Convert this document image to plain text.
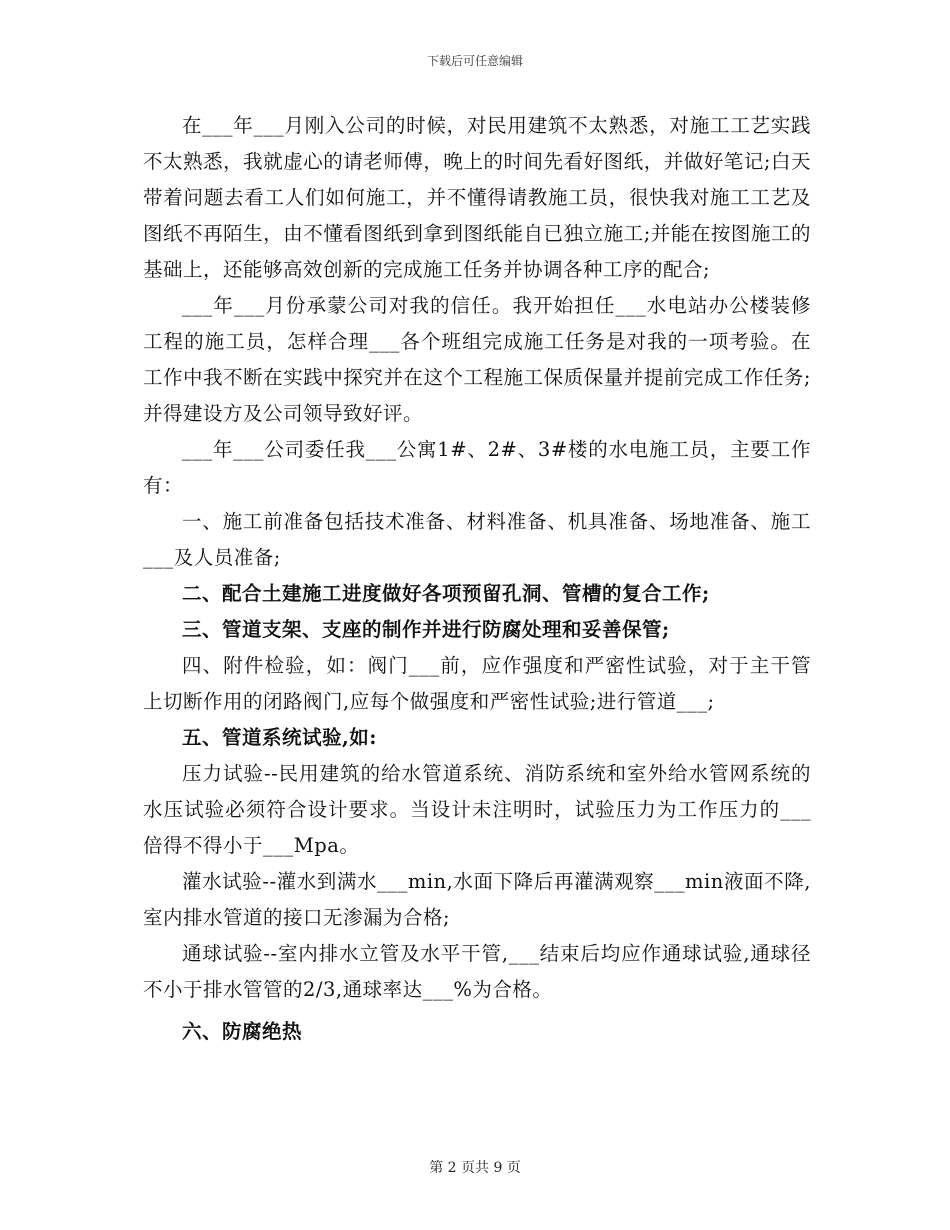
下载后可任意编辑

在___年___月刚入公司的时候，对民用建筑不太熟悉，对施工工艺实践不太熟悉，我就虚心的请老师傅，晚上的时间先看好图纸，并做好笔记;白天带着问题去看工人们如何施工，并不懂得请教施工员，很快我对施工工艺及图纸不再陌生，由不懂看图纸到拿到图纸能自已独立施工;并能在按图施工的基础上，还能够高效创新的完成施工任务并协调各种工序的配合;

___年___月份承蒙公司对我的信任。我开始担任___水电站办公楼装修工程的施工员，怎样合理___各个班组完成施工任务是对我的一项考验。在工作中我不断在实践中探究并在这个工程施工保质保量并提前完成工作任务;并得建设方及公司领导致好评。

___年___公司委任我___公寓1#、2#、3#楼的水电施工员，主要工作有：

一、施工前准备包括技术准备、材料准备、机具准备、场地准备、施工___及人员准备;

二、配合土建施工进度做好各项预留孔洞、管槽的复合工作;

三、管道支架、支座的制作并进行防腐处理和妥善保管;

四、附件检验，如：阀门___前，应作强度和严密性试验，对于主干管上切断作用的闭路阀门,应每个做强度和严密性试验;进行管道___;

五、管道系统试验,如:

压力试验--民用建筑的给水管道系统、消防系统和室外给水管网系统的水压试验必须符合设计要求。当设计未注明时，试验压力为工作压力的___倍得不得小于___Mpa。

灌水试验--灌水到满水___min,水面下降后再灌满观察___min液面不降,室内排水管道的接口无渗漏为合格;

通球试验--室内排水立管及水平干管,___结束后均应作通球试验,通球径不小于排水管管的2/3,通球率达___%为合格。

六、防腐绝热

第 2 页共 9 页
